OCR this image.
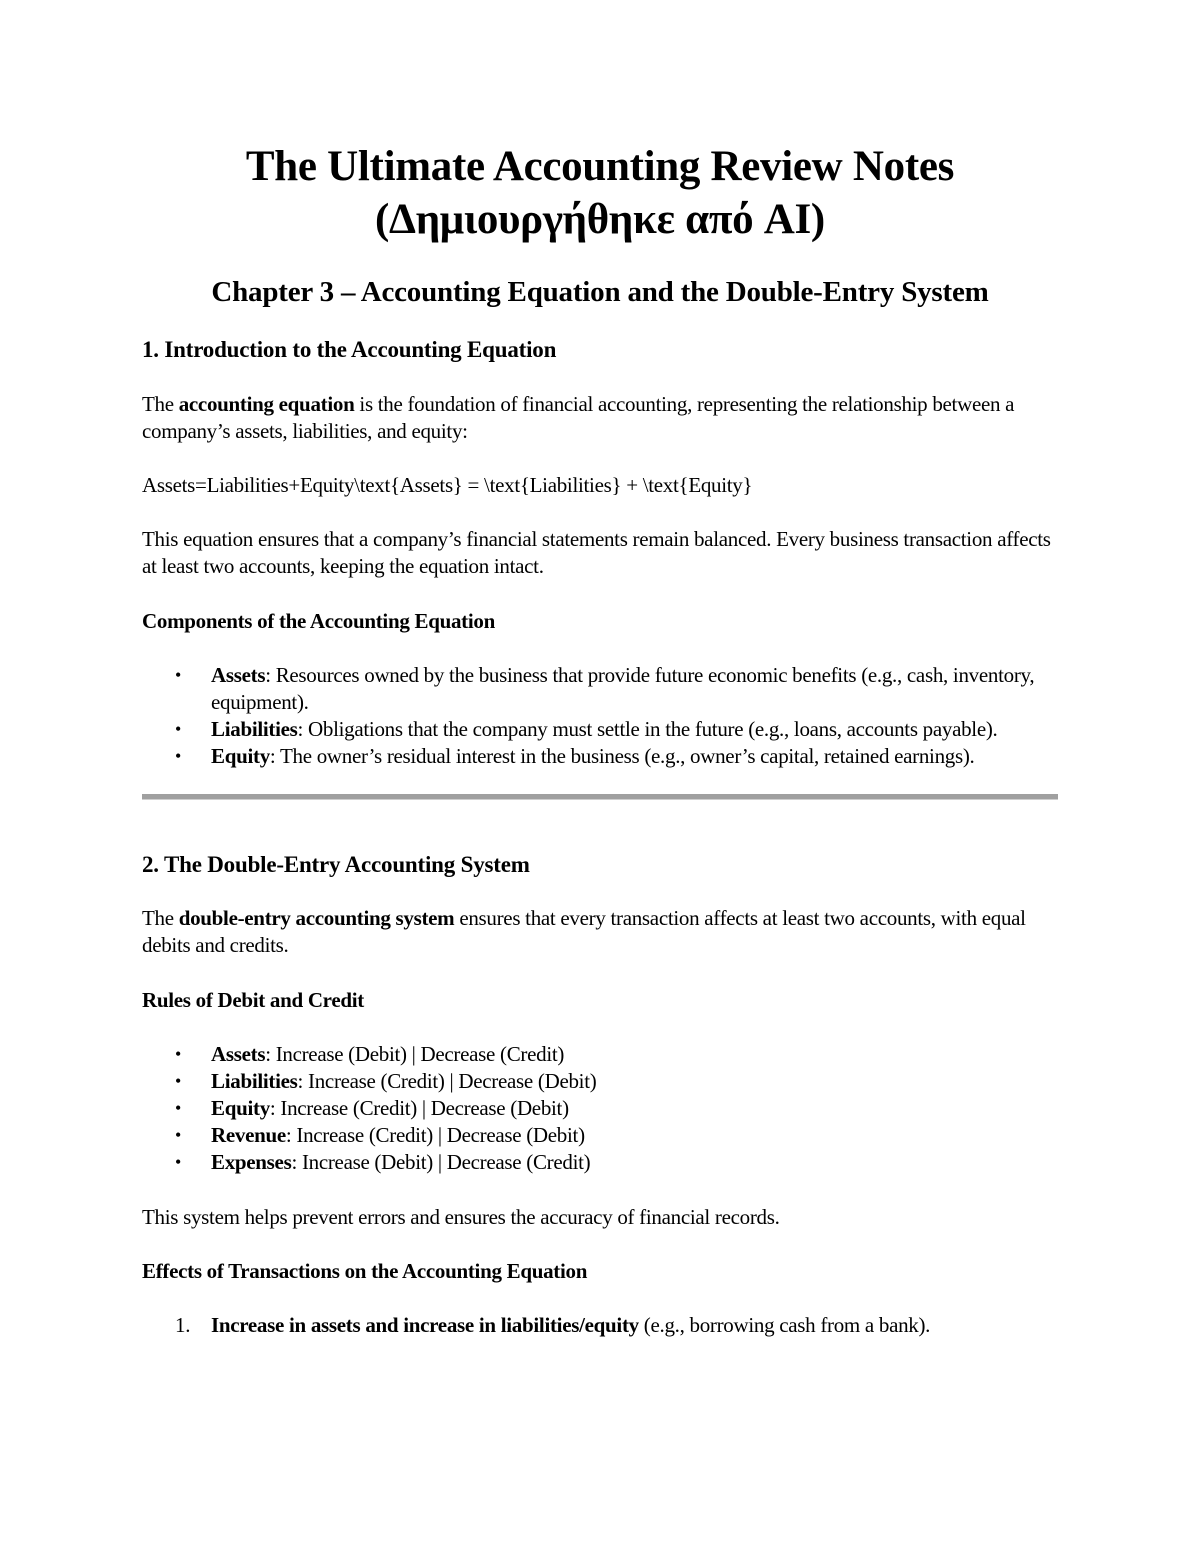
The Ultimate Accounting Review Notes
(Δημιουργήθηκε από AI)
Chapter 3 – Accounting Equation and the Double-Entry System
1. Introduction to the Accounting Equation

The accounting equation is the foundation of financial accounting, representing the relationship between a company’s assets, liabilities, and equity:

Assets=Liabilities+Equity\text{Assets} = \text{Liabilities} + \text{Equity}

This equation ensures that a company’s financial statements remain balanced. Every business transaction affects at least two accounts, keeping the equation intact.

Components of the Accounting Equation
• Assets: Resources owned by the business that provide future economic benefits (e.g., cash, inventory, equipment).
• Liabilities: Obligations that the company must settle in the future (e.g., loans, accounts payable).
• Equity: The owner’s residual interest in the business (e.g., owner’s capital, retained earnings).
2. The Double-Entry Accounting System

The double-entry accounting system ensures that every transaction affects at least two accounts, with equal debits and credits.

Rules of Debit and Credit
• Assets: Increase (Debit) | Decrease (Credit)
• Liabilities: Increase (Credit) | Decrease (Debit)
• Equity: Increase (Credit) | Decrease (Debit)
• Revenue: Increase (Credit) | Decrease (Debit)
• Expenses: Increase (Debit) | Decrease (Credit)

This system helps prevent errors and ensures the accuracy of financial records.

Effects of Transactions on the Accounting Equation
1. Increase in assets and increase in liabilities/equity (e.g., borrowing cash from a bank).
